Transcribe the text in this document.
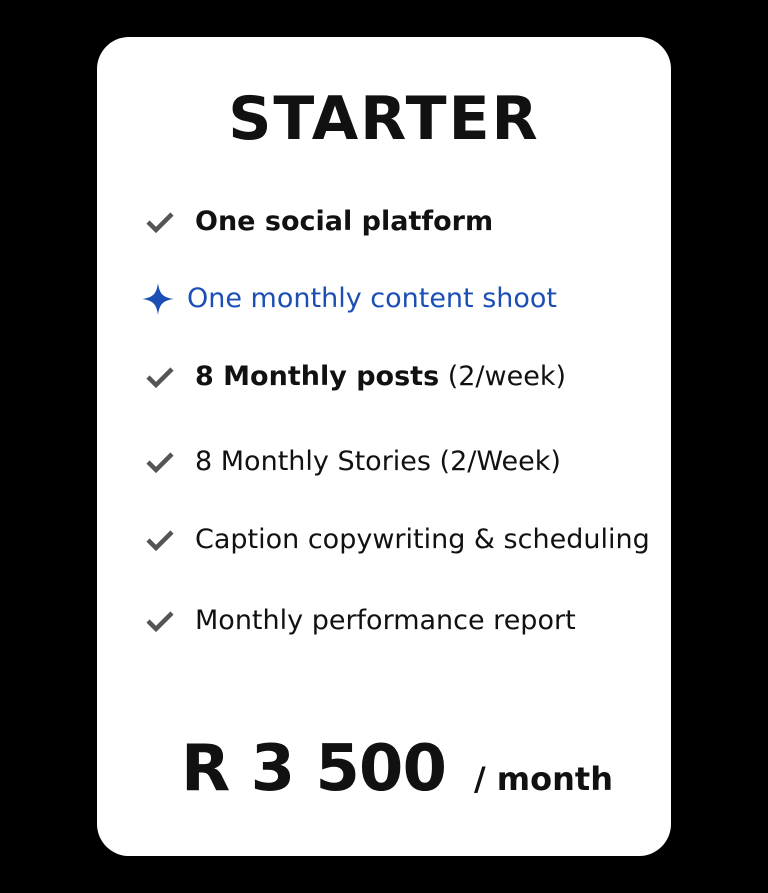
STARTER
One social platform
One monthly content shoot
8 Monthly posts (2/week)
8 Monthly Stories (2/Week)
Caption copywriting & scheduling
Monthly performance report
R 3 500 / month
